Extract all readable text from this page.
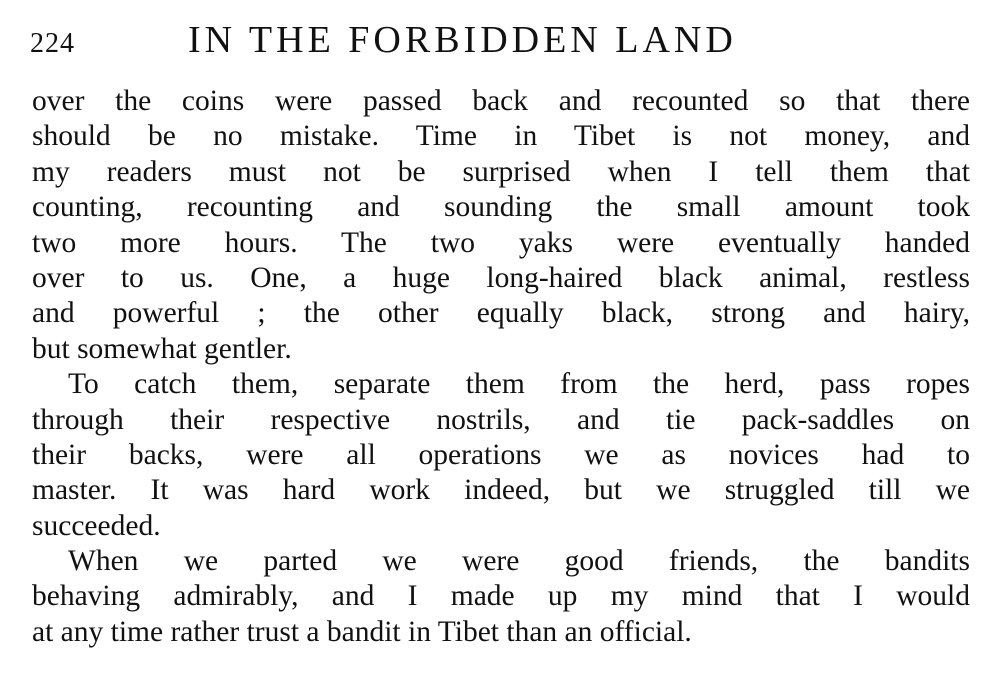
224	IN THE FORBIDDEN LAND
over the coins were passed back and recounted so that there
should be no mistake. Time in Tibet is not money, and
my readers must not be surprised when I tell them that
counting, recounting and sounding the small amount took
two more hours. The two yaks were eventually handed
over to us. One, a huge long-haired black animal, restless
and powerful ; the other equally black, strong and hairy,
but somewhat gentler.
To catch them, separate them from the herd, pass ropes
through their respective nostrils, and tie pack-saddles on
their backs, were all operations we as novices had to
master. It was hard work indeed, but we struggled till we
succeeded.
When we parted we were good friends, the bandits
behaving admirably, and I made up my mind that I would
at any time rather trust a bandit in Tibet than an official.
